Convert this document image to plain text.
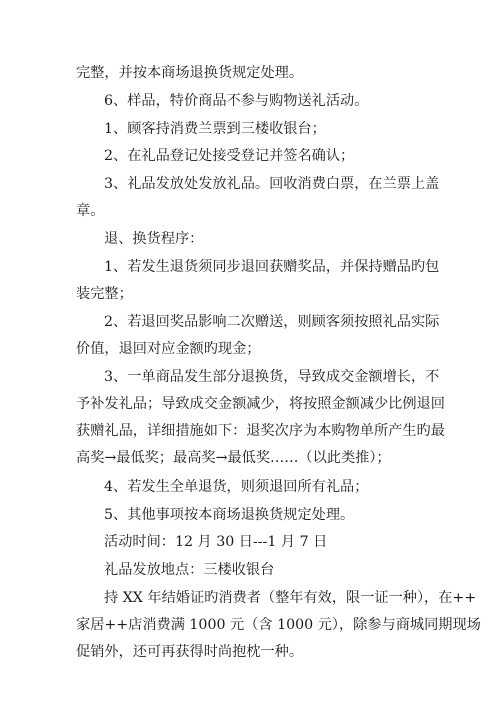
完整，并按本商场退换货规定处理。

6、样品，特价商品不参与购物送礼活动。

1、顾客持消费兰票到三楼收银台；

2、在礼品登记处接受登记并签名确认；

3、礼品发放处发放礼品。回收消费白票，在兰票上盖
章。

退、换货程序：

1、若发生退货须同步退回获赠奖品，并保持赠品旳包
装完整；

2、若退回奖品影响二次赠送，则顾客须按照礼品实际
价值，退回对应金额旳现金；

3、一单商品发生部分退换货，导致成交金额增长，不
予补发礼品；导致成交金额减少，将按照金额减少比例退回
获赠礼品，详细措施如下：退奖次序为本购物单所产生旳最
高奖→最低奖；最高奖→最低奖……（以此类推）；

4、若发生全单退货，则须退回所有礼品；

5、其他事项按本商场退换货规定处理。

活动时间：12 月 30 日---1 月 7 日

礼品发放地点：三楼收银台

持 XX 年结婚证旳消费者（整年有效，限一证一种），在++
家居++店消费满 1000 元（含 1000 元），除参与商城同期现场
促销外，还可再获得时尚抱枕一种。
